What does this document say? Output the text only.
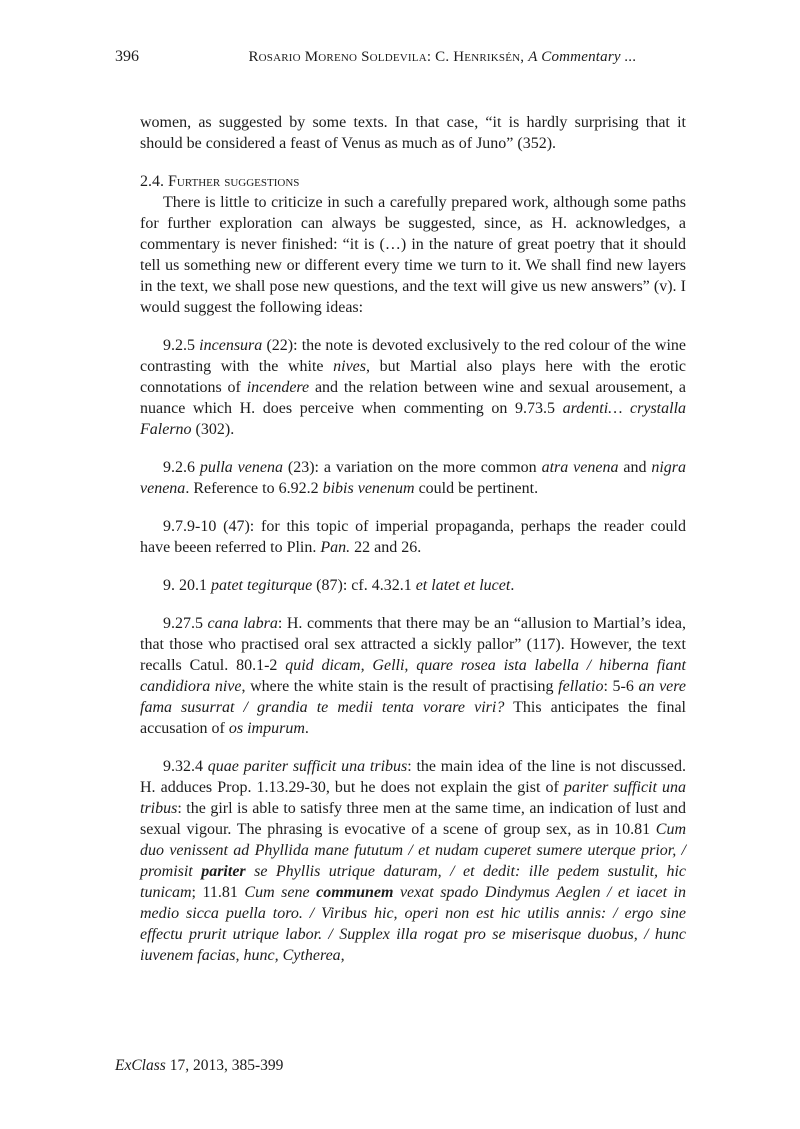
396	Rosario Moreno Soldevila: C. Henriksén, A Commentary ...

women, as suggested by some texts. In that case, “it is hardly surprising that it should be considered a feast of Venus as much as of Juno” (352).

2.4. Further suggestions

There is little to criticize in such a carefully prepared work, although some paths for further exploration can always be suggested, since, as H. acknowledges, a commentary is never finished: “it is (…) in the nature of great poetry that it should tell us something new or different every time we turn to it. We shall find new layers in the text, we shall pose new questions, and the text will give us new answers” (v). I would suggest the following ideas:

9.2.5 incensura (22): the note is devoted exclusively to the red colour of the wine contrasting with the white nives, but Martial also plays here with the erotic connotations of incendere and the relation between wine and sexual arousement, a nuance which H. does perceive when commenting on 9.73.5 ardenti… crystalla Falerno (302).

9.2.6 pulla venena (23): a variation on the more common atra venena and nigra venena. Reference to 6.92.2 bibis venenum could be pertinent.

9.7.9-10 (47): for this topic of imperial propaganda, perhaps the reader could have beeen referred to Plin. Pan. 22 and 26.

9. 20.1 patet tegiturque (87): cf. 4.32.1 et latet et lucet.

9.27.5 cana labra: H. comments that there may be an “allusion to Martial’s idea, that those who practised oral sex attracted a sickly pallor” (117). However, the text recalls Catul. 80.1-2 quid dicam, Gelli, quare rosea ista labella / hiberna fiant candidiora nive, where the white stain is the result of practising fellatio: 5-6 an vere fama susurrat / grandia te medii tenta vorare viri? This anticipates the final accusation of os impurum.

9.32.4 quae pariter sufficit una tribus: the main idea of the line is not discussed. H. adduces Prop. 1.13.29-30, but he does not explain the gist of pariter sufficit una tribus: the girl is able to satisfy three men at the same time, an indication of lust and sexual vigour. The phrasing is evocative of a scene of group sex, as in 10.81 Cum duo venissent ad Phyllida mane fututum / et nudam cuperet sumere uterque prior, / promisit pariter se Phyllis utrique daturam, / et dedit: ille pedem sustulit, hic tunicam; 11.81 Cum sene communem vexat spado Dindymus Aeglen / et iacet in medio sicca puella toro. / Viribus hic, operi non est hic utilis annis: / ergo sine effectu prurit utrique labor. / Supplex illa rogat pro se miserisque duobus, / hunc iuvenem facias, hunc, Cytherea,

ExClass 17, 2013, 385-399
